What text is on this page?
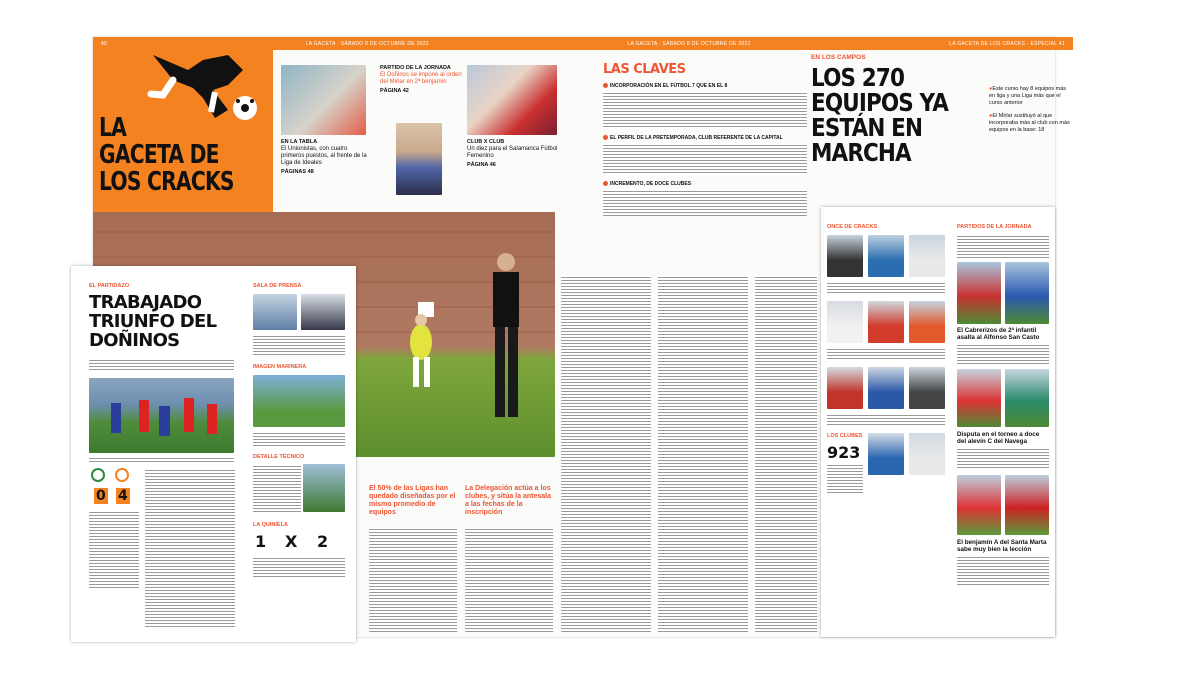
40	LA GACETA · SÁBADO 8 DE OCTUBRE DE 2022	LA GACETA · SÁBADO 8 DE OCTUBRE DE 2022	LA GACETA DE LOS CRACKS · ESPECIAL 41
LA
GACETA DE
LOS CRACKS
EN LA TABLA
El Unionistas, con cuatro primeros puestos, al frente de la Liga de Ideales
PÁGINAS 48
PARTIDO DE LA JORNADA
El Doñinos se impone al orden del Mirlar en 2ª benjamín
PÁGINA 42
CLUB X CLUB
Un diez para el Salamanca Fútbol Femenino
PÁGINA 46
LAS CLAVES
INCORPORACIÓN EN EL FÚTBOL 7 QUE EN EL 8
EL PERFIL DE LA PRETEMPORADA, CLUB REFERENTE DE LA CAPITAL
INCREMENTO, DE DOCE CLUBES
EN LOS CAMPOS
LOS 270
EQUIPOS YA
ESTÁN EN
MARCHA
● Este curso hay 8 equipos más en liga y una Liga más que el curso anterior
● El Mirlar sustituyó al que incorporaba más al club con más equipos en la base: 18
EL PARTIDAZO
TRABAJADO
TRIUNFO DEL
DOÑINOS
0 4
SALA DE PRENSA
IMAGEN MARINERA
DETALLE TÉCNICO
LA QUINIELA
1 X 2
El 50% de las Ligas han quedado diseñadas por el mismo promedio de equipos
La Delegación actúa a los clubes, y sitúa la antesala a las fechas de la inscripción
ONCE DE CRACKS
LOS CLUBES
923
PARTIDOS DE LA JORNADA
El Cabrerizos de 2ª infantil asalta al Alfonso San Casto
Disputa en el torneo a doce del alevín C del Navega
El benjamín A del Santa Marta sabe muy bien la lección
